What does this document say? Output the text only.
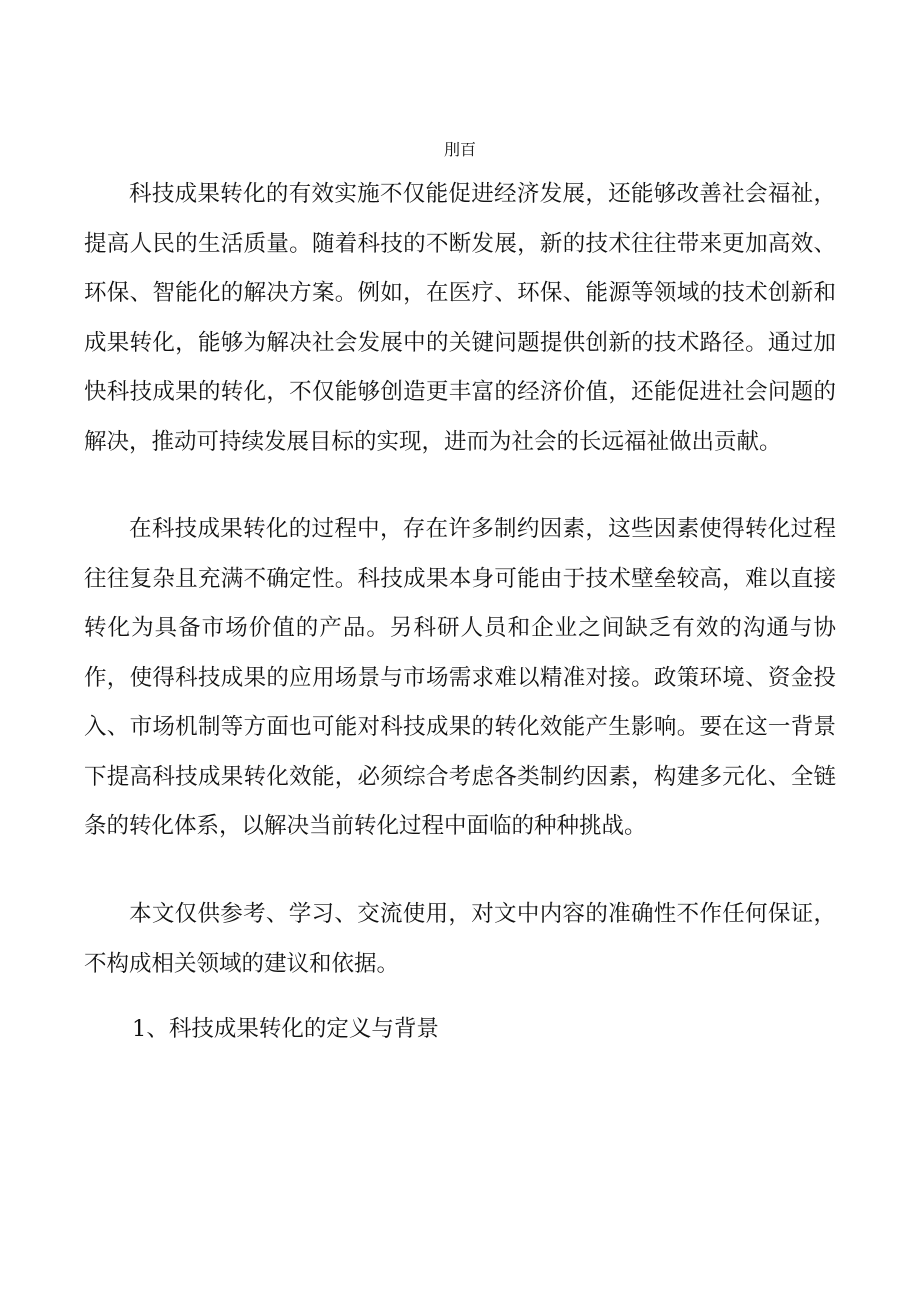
刖百

科技成果转化的有效实施不仅能促进经济发展，还能够改善社会福祉，提高人民的生活质量。随着科技的不断发展，新的技术往往带来更加高效、环保、智能化的解决方案。例如，在医疗、环保、能源等领域的技术创新和成果转化，能够为解决社会发展中的关键问题提供创新的技术路径。通过加快科技成果的转化，不仅能够创造更丰富的经济价值，还能促进社会问题的解决，推动可持续发展目标的实现，进而为社会的长远福祉做出贡献。

在科技成果转化的过程中，存在许多制约因素，这些因素使得转化过程往往复杂且充满不确定性。科技成果本身可能由于技术壁垒较高，难以直接转化为具备市场价值的产品。另科研人员和企业之间缺乏有效的沟通与协作，使得科技成果的应用场景与市场需求难以精准对接。政策环境、资金投入、市场机制等方面也可能对科技成果的转化效能产生影响。要在这一背景下提高科技成果转化效能，必须综合考虑各类制约因素，构建多元化、全链条的转化体系，以解决当前转化过程中面临的种种挑战。

本文仅供参考、学习、交流使用，对文中内容的准确性不作任何保证，不构成相关领域的建议和依据。

1、科技成果转化的定义与背景
